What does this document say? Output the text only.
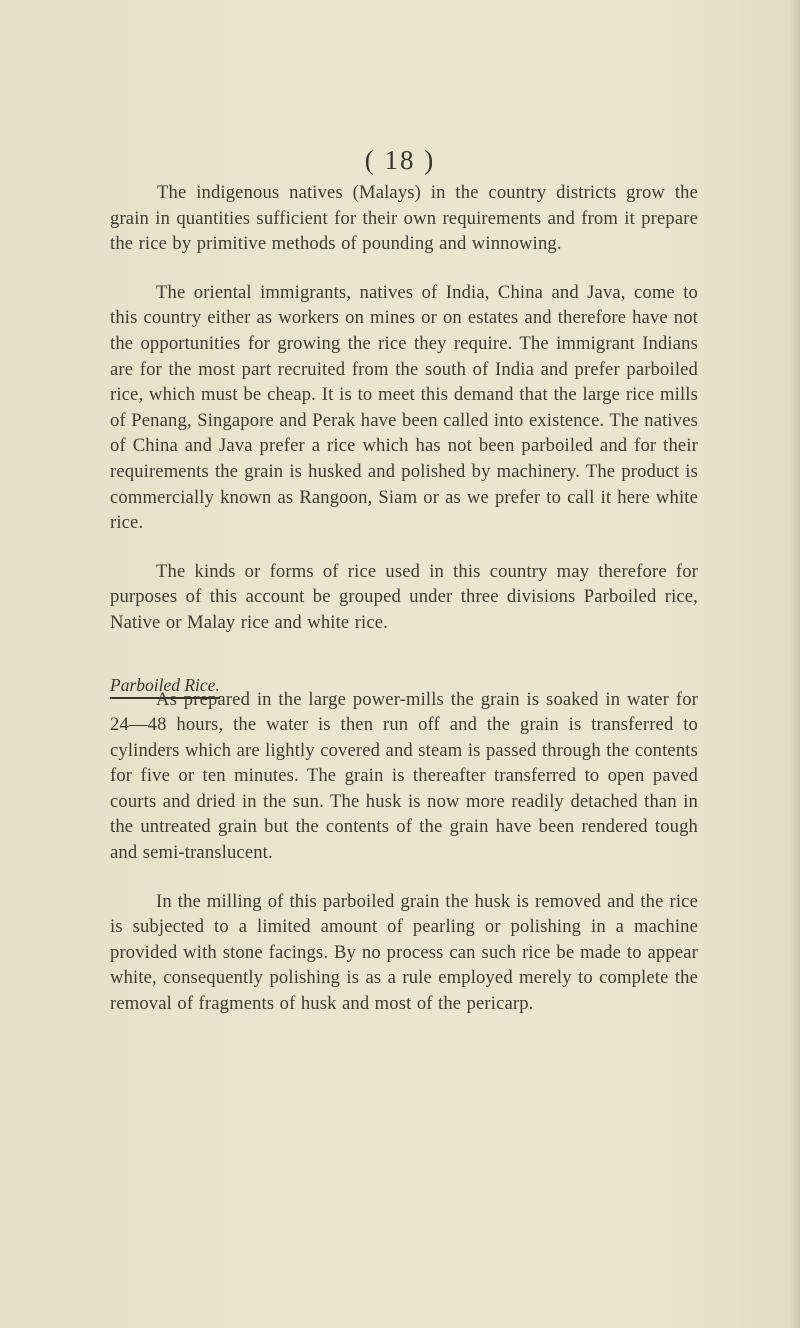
( 18 )

The indigenous natives (Malays) in the country districts grow the grain in quantities sufficient for their own requirements and from it prepare the rice by primitive methods of pounding and winnowing.

The oriental immigrants, natives of India, China and Java, come to this country either as workers on mines or on estates and therefore have not the opportunities for growing the rice they require. The immigrant Indians are for the most part recruited from the south of India and prefer parboiled rice, which must be cheap. It is to meet this demand that the large rice mills of Penang, Singapore and Perak have been called into existence. The natives of China and Java prefer a rice which has not been parboiled and for their requirements the grain is husked and polished by machinery. The product is commercially known as Rangoon, Siam or as we prefer to call it here white rice.

The kinds or forms of rice used in this country may therefore for purposes of this account be grouped under three divisions Parboiled rice, Native or Malay rice and white rice.

Parboiled Rice.

As prepared in the large power-mills the grain is soaked in water for 24—48 hours, the water is then run off and the grain is transferred to cylinders which are lightly covered and steam is passed through the contents for five or ten minutes. The grain is thereafter transferred to open paved courts and dried in the sun. The husk is now more readily detached than in the untreated grain but the contents of the grain have been rendered tough and semi-translucent.

In the milling of this parboiled grain the husk is removed and the rice is subjected to a limited amount of pearling or polishing in a machine provided with stone facings. By no process can such rice be made to appear white, consequently polishing is as a rule employed merely to complete the removal of fragments of husk and most of the pericarp.
